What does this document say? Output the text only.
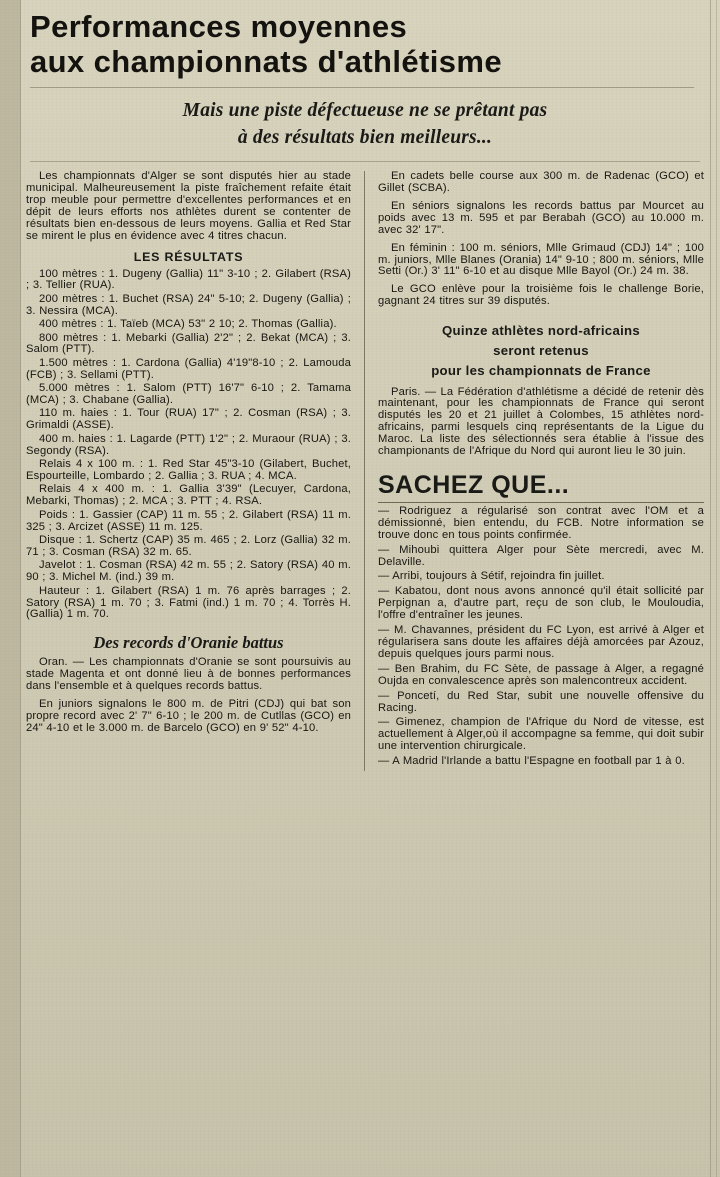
Performances moyennes
aux championnats d'athlétisme
Mais une piste défectueuse ne se prêtant pas
à des résultats bien meilleurs...

Les championnats d'Alger se sont disputés hier au stade municipal. Malheureusement la piste fraîchement refaite était trop meuble pour permettre d'excellentes performances et en dépit de leurs efforts nos athlètes durent se contenter de résultats bien en-dessous de leurs moyens. Gallia et Red Star se mirent le plus en évidence avec 4 titres chacun.

LES RÉSULTATS

100 mètres : 1. Dugeny (Gallia) 11" 3-10 ; 2. Gilabert (RSA) ; 3. Tellier (RUA).

200 mètres : 1. Buchet (RSA) 24" 5-10; 2. Dugeny (Gallia) ; 3. Nessira (MCA).

400 mètres : 1. Taïeb (MCA) 53" 2 10; 2. Thomas (Gallia).

800 mètres : 1. Mebarki (Gallia) 2'2" ; 2. Bekat (MCA) ; 3. Salom (PTT).

1.500 mètres : 1. Cardona (Gallia) 4'19"8-10 ; 2. Lamouda (FCB) ; 3. Sellami (PTT).

5.000 mètres : 1. Salom (PTT) 16'7" 6-10 ; 2. Tamama (MCA) ; 3. Chabane (Gallia).

110 m. haies : 1. Tour (RUA) 17" ; 2. Cosman (RSA) ; 3. Grimaldi (ASSE).

400 m. haies : 1. Lagarde (PTT) 1'2" ; 2. Muraour (RUA) ; 3. Segondy (RSA).

Relais 4 x 100 m. : 1. Red Star 45"3-10 (Gilabert, Buchet, Espourteille, Lombardo ; 2. Gallia ; 3. RUA ; 4. MCA.

Relais 4 x 400 m. : 1. Gallia 3'39" (Lecuyer, Cardona, Mebarki, Thomas) ; 2. MCA ; 3. PTT ; 4. RSA.

Poids : 1. Gassier (CAP) 11 m. 55 ; 2. Gilabert (RSA) 11 m. 325 ; 3. Arcizet (ASSE) 11 m. 125.

Disque : 1. Schertz (CAP) 35 m. 465 ; 2. Lorz (Gallia) 32 m. 71 ; 3. Cosman (RSA) 32 m. 65.

Javelot : 1. Cosman (RSA) 42 m. 55 ; 2. Satory (RSA) 40 m. 90 ; 3. Michel M. (ind.) 39 m.

Hauteur : 1. Gilabert (RSA) 1 m. 76 après barrages ; 2. Satory (RSA) 1 m. 70 ; 3. Fatmi (ind.) 1 m. 70 ; 4. Torrès H. (Gallia) 1 m. 70.

Des records d'Oranie battus

Oran. — Les championnats d'Oranie se sont poursuivis au stade Magenta et ont donné lieu à de bonnes performances dans l'ensemble et à quelques records battus.

En juniors signalons le 800 m. de Pitri (CDJ) qui bat son propre record avec 2' 7" 6-10 ; le 200 m. de Cutllas (GCO) en 24" 4-10 et le 3.000 m. de Barcelo (GCO) en 9' 52" 4-10.

En cadets belle course aux 300 m. de Radenac (GCO) et Gillet (SCBA).

En séniors signalons les records battus par Mourcet au poids avec 13 m. 595 et par Berabah (GCO) au 10.000 m. avec 32' 17".

En féminin : 100 m. séniors, Mlle Grimaud (CDJ) 14" ; 100 m. juniors, Mlle Blanes (Orania) 14" 9-10 ; 800 m. séniors, Mlle Setti (Or.) 3' 11" 6-10 et au disque Mlle Bayol (Or.) 24 m. 38.

Le GCO enlève pour la troisième fois le challenge Borie, gagnant 24 titres sur 39 disputés.

Quinze athlètes nord-africains
seront retenus
pour les championnats de France

Paris. — La Fédération d'athlétisme a décidé de retenir dès maintenant, pour les championnats de France qui seront disputés les 20 et 21 juillet à Colombes, 15 athlètes nord-africains, parmi lesquels cinq représentants de la Ligue du Maroc. La liste des sélectionnés sera établie à l'issue des championants de l'Afrique du Nord qui auront lieu le 30 juin.

SACHEZ QUE...

— Rodriguez a régularisé son contrat avec l'OM et a démissionné, bien entendu, du FCB. Notre information se trouve donc en tous points confirmée.

— Mihoubi quittera Alger pour Sète mercredi, avec M. Delaville.

— Arribi, toujours à Sétif, rejoindra fin juillet.

— Kabatou, dont nous avons annoncé qu'il était sollicité par Perpignan a, d'autre part, reçu de son club, le Mouloudia, l'offre d'entraîner les jeunes.

— M. Chavannes, président du FC Lyon, est arrivé à Alger et régularisera sans doute les affaires déjà amorcées par Azouz, depuis quelques jours parmi nous.

— Ben Brahim, du FC Sète, de passage à Alger, a regagné Oujda en convalescence après son malencontreux accident.

— Poncetí, du Red Star, subit une nouvelle offensive du Racing.

— Gimenez, champion de l'Afrique du Nord de vitesse, est actuellement à Alger,où il accompagne sa femme, qui doit subir une intervention chirurgicale.

— A Madrid l'Irlande a battu l'Espagne en football par 1 à 0.
